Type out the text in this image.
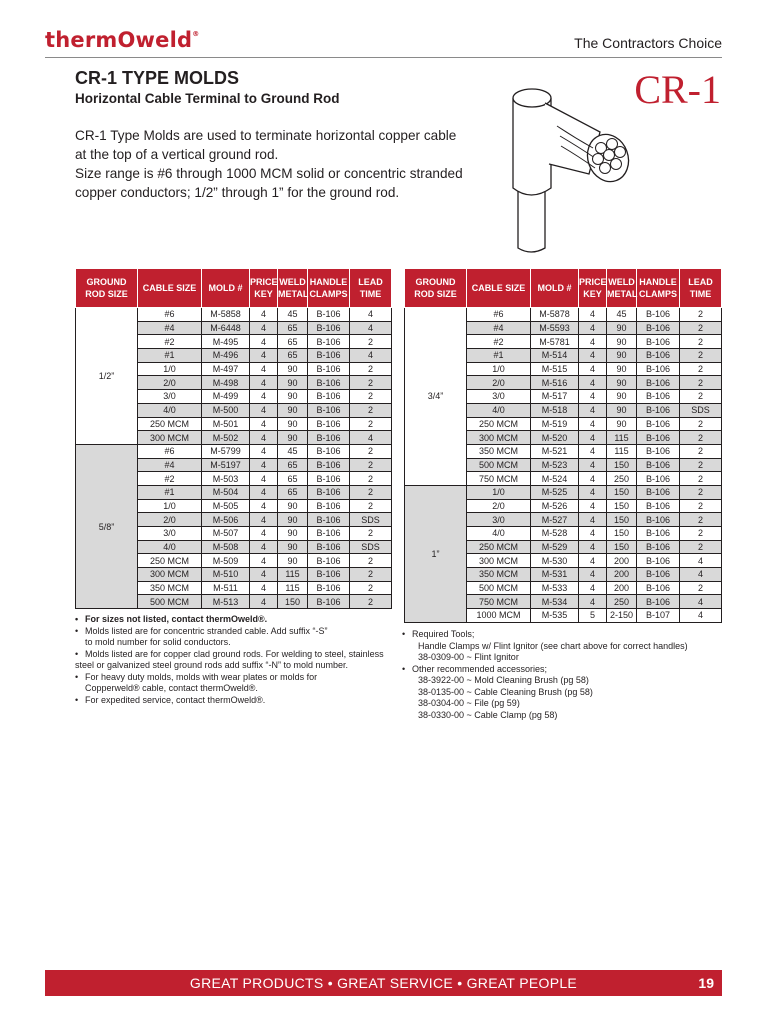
thermOweld®
The Contractors Choice
CR-1 TYPE MOLDS
Horizontal Cable Terminal to Ground Rod	CR-1
CR-1 Type Molds are used to terminate horizontal copper cable
at the top of a vertical ground rod.
Size range is #6 through 1000 MCM solid or concentric stranded
copper conductors; 1/2” through 1” for the ground rod.
GROUND ROD SIZE	CABLE SIZE	MOLD #	PRICE KEY	WELD METAL	HANDLE CLAMPS	LEAD TIME
1/2”	#6	M-5858	4	45	B-106	4
	#4	M-6448	4	65	B-106	4
	#2	M-495	4	65	B-106	2
	#1	M-496	4	65	B-106	4
	1/0	M-497	4	90	B-106	2
	2/0	M-498	4	90	B-106	2
	3/0	M-499	4	90	B-106	2
	4/0	M-500	4	90	B-106	2
	250 MCM	M-501	4	90	B-106	2
	300 MCM	M-502	4	90	B-106	4
5/8”	#6	M-5799	4	45	B-106	2
	#4	M-5197	4	65	B-106	2
	#2	M-503	4	65	B-106	2
	#1	M-504	4	65	B-106	2
	1/0	M-505	4	90	B-106	2
	2/0	M-506	4	90	B-106	SDS
	3/0	M-507	4	90	B-106	2
	4/0	M-508	4	90	B-106	SDS
	250 MCM	M-509	4	90	B-106	2
	300 MCM	M-510	4	115	B-106	2
	350 MCM	M-511	4	115	B-106	2
	500 MCM	M-513	4	150	B-106	2
GROUND ROD SIZE	CABLE SIZE	MOLD #	PRICE KEY	WELD METAL	HANDLE CLAMPS	LEAD TIME
3/4”	#6	M-5878	4	45	B-106	2
	#4	M-5593	4	90	B-106	2
	#2	M-5781	4	90	B-106	2
	#1	M-514	4	90	B-106	2
	1/0	M-515	4	90	B-106	2
	2/0	M-516	4	90	B-106	2
	3/0	M-517	4	90	B-106	2
	4/0	M-518	4	90	B-106	SDS
	250 MCM	M-519	4	90	B-106	2
	300 MCM	M-520	4	115	B-106	2
	350 MCM	M-521	4	115	B-106	2
	500 MCM	M-523	4	150	B-106	2
	750 MCM	M-524	4	250	B-106	2
1”	1/0	M-525	4	150	B-106	2
	2/0	M-526	4	150	B-106	2
	3/0	M-527	4	150	B-106	2
	4/0	M-528	4	150	B-106	2
	250 MCM	M-529	4	150	B-106	2
	300 MCM	M-530	4	200	B-106	4
	350 MCM	M-531	4	200	B-106	4
	500 MCM	M-533	4	200	B-106	2
	750 MCM	M-534	4	250	B-106	4
	1000 MCM	M-535	5	2-150	B-107	4
• For sizes not listed, contact thermOweld®.
• Molds listed are for concentric stranded cable. Add suffix “-S”
to mold number for solid conductors.
• Molds listed are for copper clad ground rods. For welding to steel, stainless
steel or galvanized steel ground rods add suffix “-N” to mold number.
• For heavy duty molds, molds with wear plates or molds for
Copperweld® cable, contact thermOweld®.
• For expedited service, contact thermOweld®.
• Required Tools;
Handle Clamps w/ Flint Ignitor (see chart above for correct handles)
38-0309-00 ~ Flint Ignitor
• Other recommended accessories;
38-3922-00 ~ Mold Cleaning Brush (pg 58)
38-0135-00 ~ Cable Cleaning Brush (pg 58)
38-0304-00 ~ File (pg 59)
38-0330-00 ~ Cable Clamp (pg 58)
GREAT PRODUCTS • GREAT SERVICE • GREAT PEOPLE	19
